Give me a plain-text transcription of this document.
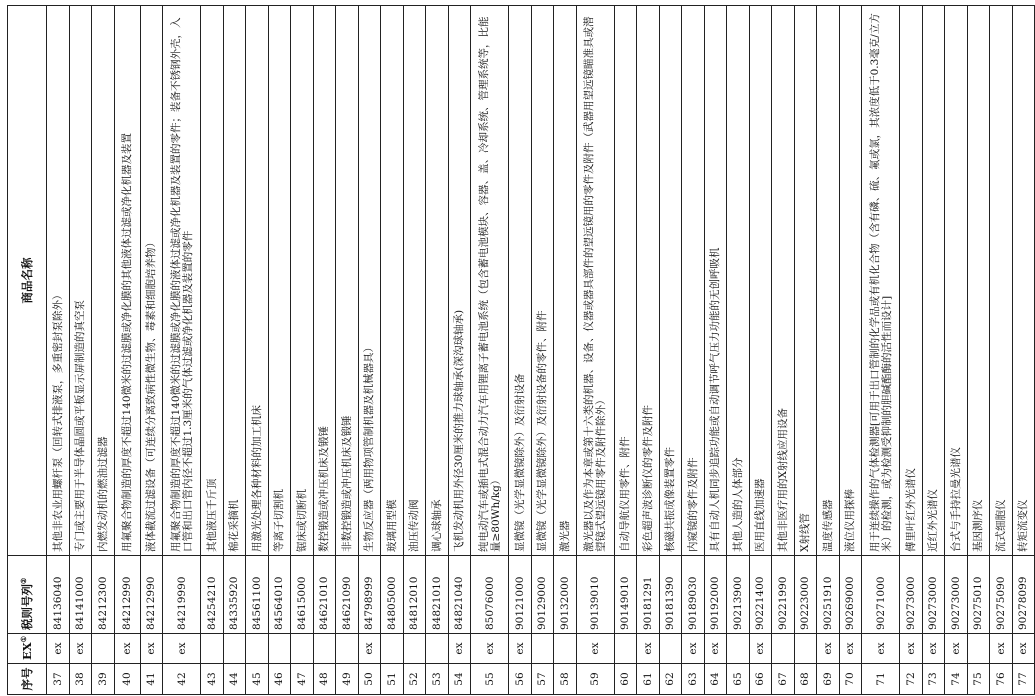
序号	EX①	税则号列②	商品名称
37	ex	84136040	其他非农业用螺杆泵（回转式排液泵，多重密封泵除外）
38	ex	84141000	专门或主要用于半导体晶圆或平板显示屏制造的真空泵
39		84212300	内燃发动机的燃油过滤器
40	ex	84212990	用氟聚合物制造的厚度不超过140微米的过滤膜或净化膜的其他液体过滤或净化机器及装置
41	ex	84212990	液体截流过滤设备（可连续分离致病性微生物、毒素和细胞培养物）
42	ex	84219990	用氟聚合物制造的厚度不超过140微米的过滤膜或净化膜的液体过滤或净化机器及装置的零件；装备不锈钢外壳，入口管和出口管内径不超过1.3厘米的气体过滤或净化机器及装置的零件
43		84254210	其他液压千斤顶
44		84335920	棉花采摘机
45		84561100	用激光处理各种材料的加工机床
46		84564010	等离子切割机
47		84615000	锯床或切断机
48		84621010	数控锻造或冲压机床及锻锤
49		84621090	非数控锻造或冲压机床及锻锤
50	ex	84798999	生物反应器（两用物项管制机器及机械器具）
51		84805000	玻璃用型模
52		84812010	油压传动阀
53		84821010	调心球轴承
54	ex	84821040	飞机发动机用外径30厘米的推力球轴承(深沟球轴承)
55	ex	85076000	纯电动汽车或插电式混合动力汽车用锂离子蓄电池系统（包含蓄电池模块、容器、盖、冷却系统、管理系统等，比能量≥80Wh/kg）
56	ex	90121000	显微镜（光学显微镜除外）及衍射设备
57		90129000	显微镜（光学显微镜除外）及衍射设备的零件、附件
58		90132000	激光器
59	ex	90139010	激光器以及作为本章或第十六类的机器、设备、仪器或器具部件的望远镜用的零件及附件（武器用望远镜瞄准具或潜望镜式望远镜用零件及附件除外）
60		90149010	自动导航仪用零件、附件
61	ex	90181291	彩色超声波诊断仪的零件及附件
62		90181390	核磁共振成像装置零件
63	ex	90189030	内窥镜的零件及附件
64	ex	90192000	具有自动人机同步追踪功能或自动调节呼气压力功能的无创呼吸机
65		90213900	其他人造的人体部分
66	ex	90221400	医用直线加速器
67		90221990	其他非医疗用的X射线应用设备
68		90223000	X射线管
69	ex	90251910	温度传感器
70	ex	90269000	液位仪用探棒
71	ex	90271000	用于连续操作的气体检测器[可用于出口管制的化学品或有机化合物（含有磷、硫、氟或氯，其浓度低于0.3毫克/立方米）的检测，或为检测受抑制的胆碱酯酶的活性而设计]
72	ex	90273000	傅里叶红外光谱仪
73	ex	90273000	近红外光谱仪
74	ex	90273000	台式与手持拉曼光谱仪
75		90275010	基因测序仪
76	ex	90275090	流式细胞仪
77	ex	90278099	转矩流变仪
